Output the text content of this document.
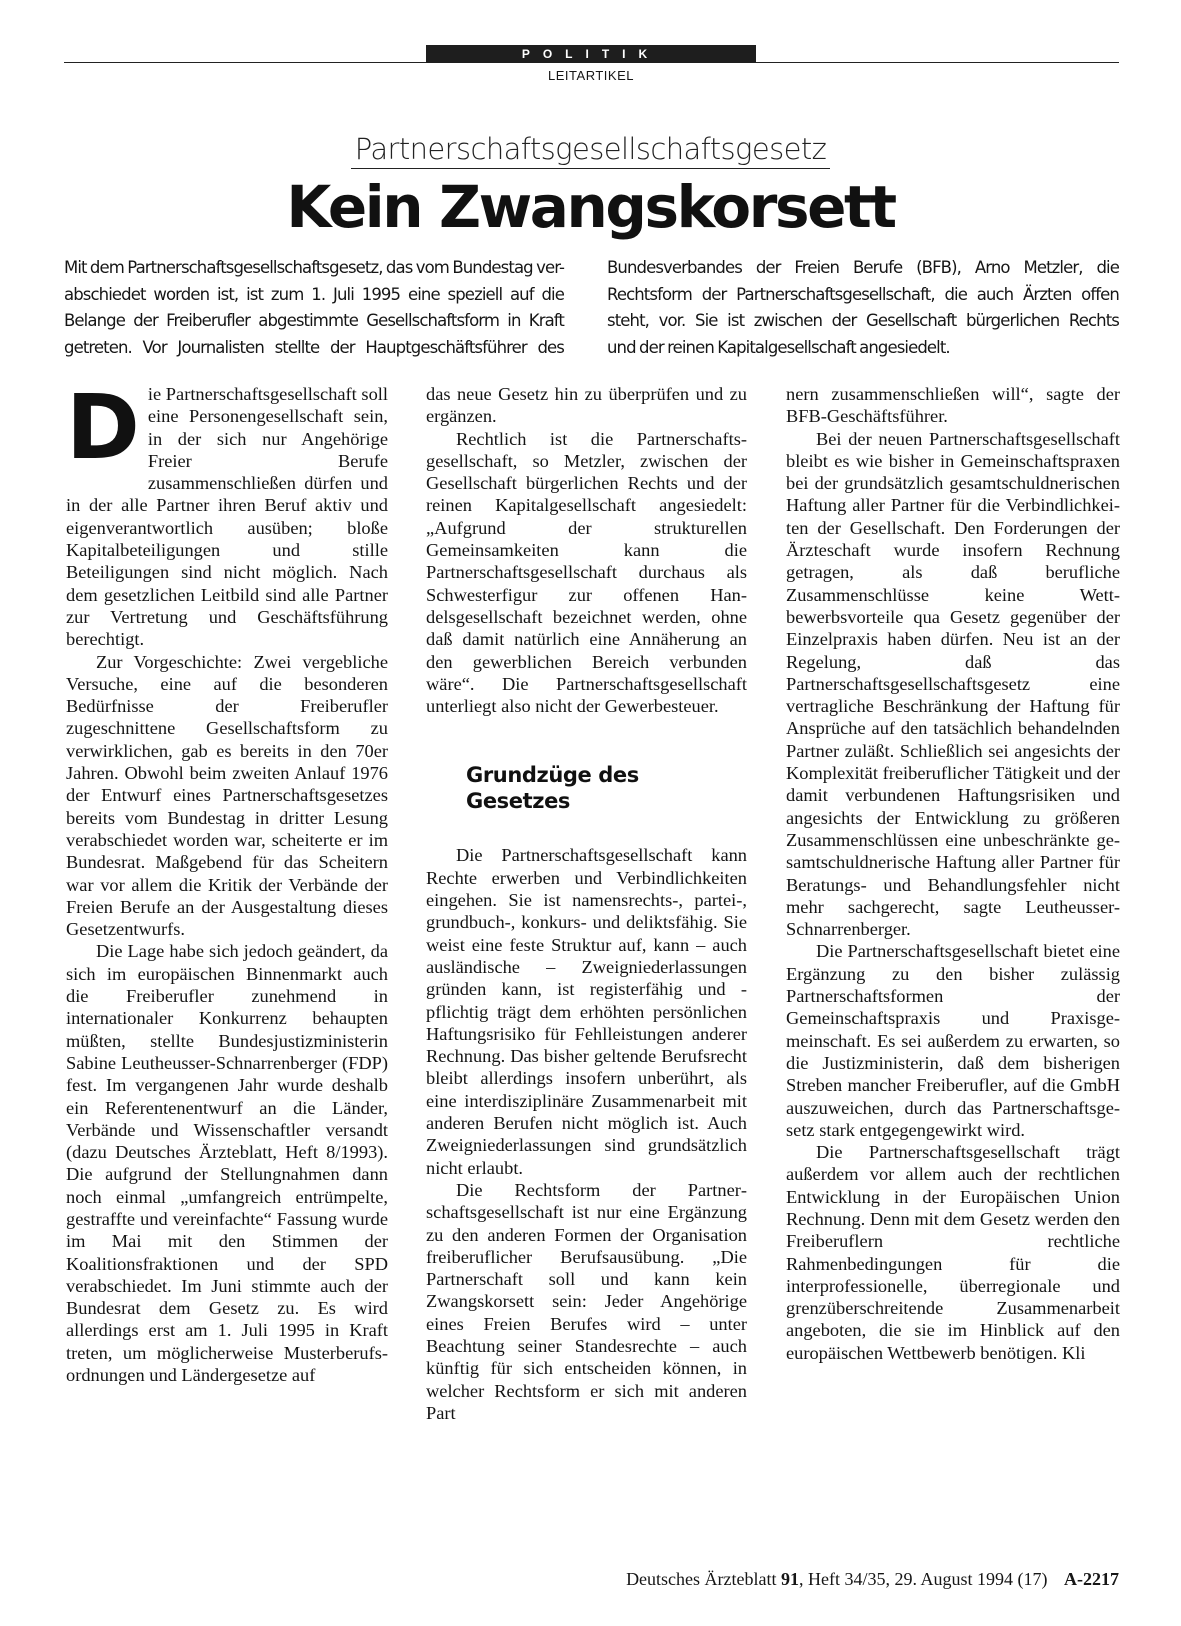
POLITIK
LEITARTIKEL
Partnerschaftsgesellschaftsgesetz
Kein Zwangskorsett
Mit dem Partnerschaftsgesellschaftsgesetz, das vom Bundestag ver-
abschiedet worden ist, ist zum 1. Juli 1995 eine speziell auf die
Belange der Freiberufler abgestimmte Gesellschaftsform in Kraft
getreten. Vor Journalisten stellte der Hauptgeschäftsführer des
Bundesverbandes der Freien Berufe (BFB), Arno Metzler, die
Rechtsform der Partnerschaftsgesellschaft, die auch Ärzten offen
steht, vor. Sie ist zwischen der Gesellschaft bürgerlichen Rechts
und der reinen Kapitalgesellschaft angesiedelt.
D ie Partnerschaftsgesellschaft soll eine Personengesellschaft sein, in der sich nur Angehörige Freier Berufe zusammenschließen dürfen und in der alle Partner ihren Beruf aktiv und eigenverantwortlich ausüben; bloße Kapitalbeteiligungen und stille Beteiligungen sind nicht möglich. Nach dem gesetzlichen Leitbild sind alle Partner zur Vertretung und Geschäftsführung berechtigt.

Zur Vorgeschichte: Zwei vergebliche Versuche, eine auf die besonderen Bedürfnisse der Freiberufler zugeschnittene Gesellschaftsform zu verwirklichen, gab es bereits in den 70er Jahren. Obwohl beim zweiten Anlauf 1976 der Entwurf eines Partnerschaftsgesetzes bereits vom Bundestag in dritter Lesung verabschiedet worden war, scheiterte er im Bundesrat. Maßgebend für das Scheitern war vor allem die Kritik der Verbände der Freien Berufe an der Ausgestaltung dieses Gesetzentwurfs.

Die Lage habe sich jedoch geändert, da sich im europäischen Binnenmarkt auch die Freiberufler zunehmend in internationaler Konkurrenz behaupten müßten, stellte Bundesjustizministerin Sabine Leutheusser-Schnarrenberger (FDP) fest. Im vergangenen Jahr wurde deshalb ein Referentenentwurf an die Länder, Verbände und Wissenschaftler versandt (dazu Deutsches Ärzteblatt, Heft 8/1993). Die aufgrund der Stellungnahmen dann noch einmal „umfangreich entrümpelte, gestraffte und vereinfachte“ Fassung wurde im Mai mit den Stimmen der Koalitionsfraktionen und der SPD verabschiedet. Im Juni stimmte auch der Bundesrat dem Gesetz zu. Es wird allerdings erst am 1. Juli 1995 in Kraft treten, um möglicherweise Musterberufsordnungen und Ländergesetze auf

das neue Gesetz hin zu überprüfen und zu ergänzen.

Rechtlich ist die Partnerschaftsgesellschaft, so Metzler, zwischen der Gesellschaft bürgerlichen Rechts und der reinen Kapitalgesellschaft angesiedelt: „Aufgrund der strukturellen Gemeinsamkeiten kann die Partnerschaftsgesellschaft durchaus als Schwesterfigur zur offenen Handelsgesellschaft bezeichnet werden, ohne daß damit natürlich eine Annäherung an den gewerblichen Bereich verbunden wäre“. Die Partnerschaftsgesellschaft unterliegt also nicht der Gewerbesteuer.

Grundzüge des Gesetzes

Die Partnerschaftsgesellschaft kann Rechte erwerben und Verbindlichkeiten eingehen. Sie ist namensrechts-, partei-, grundbuch-, konkurs- und deliktsfähig. Sie weist eine feste Struktur auf, kann – auch ausländische – Zweigniederlassungen gründen kann, ist registerfähig und -pflichtig trägt dem erhöhten persönlichen Haftungsrisiko für Fehlleistungen anderer Rechnung. Das bisher geltende Berufsrecht bleibt allerdings insofern unberührt, als eine interdisziplinäre Zusammenarbeit mit anderen Berufen nicht möglich ist. Auch Zweigniederlassungen sind grundsätzlich nicht erlaubt.

Die Rechtsform der Partnerschaftsgesellschaft ist nur eine Ergänzung zu den anderen Formen der Organisation freiberuflicher Berufsausübung. „Die Partnerschaft soll und kann kein Zwangskorsett sein: Jeder Angehörige eines Freien Berufes wird – unter Beachtung seiner Standesrechte – auch künftig für sich entscheiden können, in welcher Rechtsform er sich mit anderen Part

nern zusammenschließen will“, sagte der BFB-Geschäftsführer.

Bei der neuen Partnerschaftsgesellschaft bleibt es wie bisher in Gemeinschaftspraxen bei der grundsätzlich gesamtschuldnerischen Haftung aller Partner für die Verbindlichkeiten der Gesellschaft. Den Forderungen der Ärzteschaft wurde insofern Rechnung getragen, als daß berufliche Zusammenschlüsse keine Wettbewerbsvorteile qua Gesetz gegenüber der Einzelpraxis haben dürfen. Neu ist an der Regelung, daß das Partnerschaftsgesellschaftsgesetz eine vertragliche Beschränkung der Haftung für Ansprüche auf den tatsächlich behandelnden Partner zuläßt. Schließlich sei angesichts der Komplexität freiberuflicher Tätigkeit und der damit verbundenen Haftungsrisiken und angesichts der Entwicklung zu größeren Zusammenschlüssen eine unbeschränkte gesamtschuldnerische Haftung aller Partner für Beratungs- und Behandlungsfehler nicht mehr sachgerecht, sagte Leutheusser-Schnarrenberger.

Die Partnerschaftsgesellschaft bietet eine Ergänzung zu den bisher zulässig Partnerschaftsformen der Gemeinschaftspraxis und Praxisgemeinschaft. Es sei außerdem zu erwarten, so die Justizministerin, daß dem bisherigen Streben mancher Freiberufler, auf die GmbH auszuweichen, durch das Partnerschaftsgesetz stark entgegengewirkt wird.

Die Partnerschaftsgesellschaft trägt außerdem vor allem auch der rechtlichen Entwicklung in der Europäischen Union Rechnung. Denn mit dem Gesetz werden den Freiberuflern rechtliche Rahmenbedingungen für die interprofessionelle, überregionale und grenzüberschreitende Zusammenarbeit angeboten, die sie im Hinblick auf den europäischen Wettbewerb benötigen. Kli

Deutsches Ärzteblatt 91, Heft 34/35, 29. August 1994 (17) A-2217
